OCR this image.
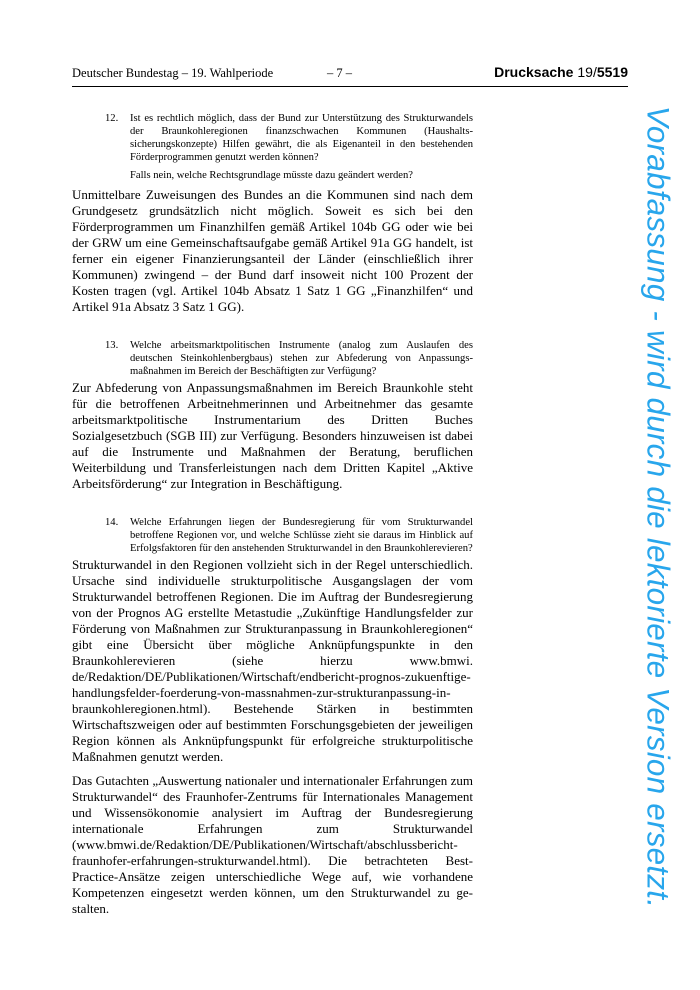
Deutscher Bundestag – 19. Wahlperiode	– 7 –	Drucksache 19/5519

12. Ist es rechtlich möglich, dass der Bund zur Unterstützung des Strukturwandels der Braunkohleregionen finanzschwachen Kommunen (Haushaltssicherungskonzepte) Hilfen gewährt, die als Eigenanteil in den bestehenden Förderprogrammen genutzt werden können?

Falls nein, welche Rechtsgrundlage müsste dazu geändert werden?

Unmittelbare Zuweisungen des Bundes an die Kommunen sind nach dem Grundgesetz grundsätzlich nicht möglich. Soweit es sich bei den Förderprogrammen um Finanzhilfen gemäß Artikel 104b GG oder wie bei der GRW um eine Gemeinschaftsaufgabe gemäß Artikel 91a GG handelt, ist ferner ein eigener Finanzierungsanteil der Länder (einschließlich ihrer Kommunen) zwingend – der Bund darf insoweit nicht 100 Prozent der Kosten tragen (vgl. Artikel 104b Absatz 1 Satz 1 GG „Finanzhilfen“ und Artikel 91a Absatz 3 Satz 1 GG).

13. Welche arbeitsmarktpolitischen Instrumente (analog zum Auslaufen des deutschen Steinkohlenbergbaus) stehen zur Abfederung von Anpassungsmaßnahmen im Bereich der Beschäftigten zur Verfügung?

Zur Abfederung von Anpassungsmaßnahmen im Bereich Braunkohle steht für die betroffenen Arbeitnehmerinnen und Arbeitnehmer das gesamte arbeitsmarktpolitische Instrumentarium des Dritten Buches Sozialgesetzbuch (SGB III) zur Verfügung. Besonders hinzuweisen ist dabei auf die Instrumente und Maßnahmen der Beratung, beruflichen Weiterbildung und Transferleistungen nach dem Dritten Kapitel „Aktive Arbeitsförderung“ zur Integration in Beschäftigung.

14. Welche Erfahrungen liegen der Bundesregierung für vom Strukturwandel betroffene Regionen vor, und welche Schlüsse zieht sie daraus im Hinblick auf Erfolgsfaktoren für den anstehenden Strukturwandel in den Braunkohlerevieren?

Strukturwandel in den Regionen vollzieht sich in der Regel unterschiedlich. Ursache sind individuelle strukturpolitische Ausgangslagen der vom Strukturwandel betroffenen Regionen. Die im Auftrag der Bundesregierung von der Prognos AG erstellte Metastudie „Zukünftige Handlungsfelder zur Förderung von Maßnahmen zur Strukturanpassung in Braunkohleregionen“ gibt eine Übersicht über mögliche Anknüpfungspunkte in den Braunkohlerevieren (siehe hierzu www.bmwi.​de/Redaktion/DE/Publikationen/Wirtschaft/endbericht-prognos-zukuenftige-​handlungsfelder-foerderung-von-massnahmen-zur-strukturanpassung-in-​braunkohleregionen.html). Bestehende Stärken in bestimmten Wirtschaftszweigen oder auf bestimmten Forschungsgebieten der jeweiligen Region können als Anknüpfungspunkt für erfolgreiche strukturpolitische Maßnahmen genutzt werden.

Das Gutachten „Auswertung nationaler und internationaler Erfahrungen zum Strukturwandel“ des Fraunhofer-Zentrums für Internationales Management und Wissensökonomie analysiert im Auftrag der Bundesregierung internationale Erfahrungen zum Strukturwandel (www.bmwi.de/Redaktion/DE/Publikationen/​Wirtschaft/abschlussbericht-fraunhofer-erfahrungen-strukturwandel.html). Die betrachteten Best-Practice-Ansätze zeigen unterschiedliche Wege auf, wie vorhandene Kompetenzen eingesetzt werden können, um den Strukturwandel zu gestalten.

Vorabfassung - wird durch die lektorierte Version ersetzt.
